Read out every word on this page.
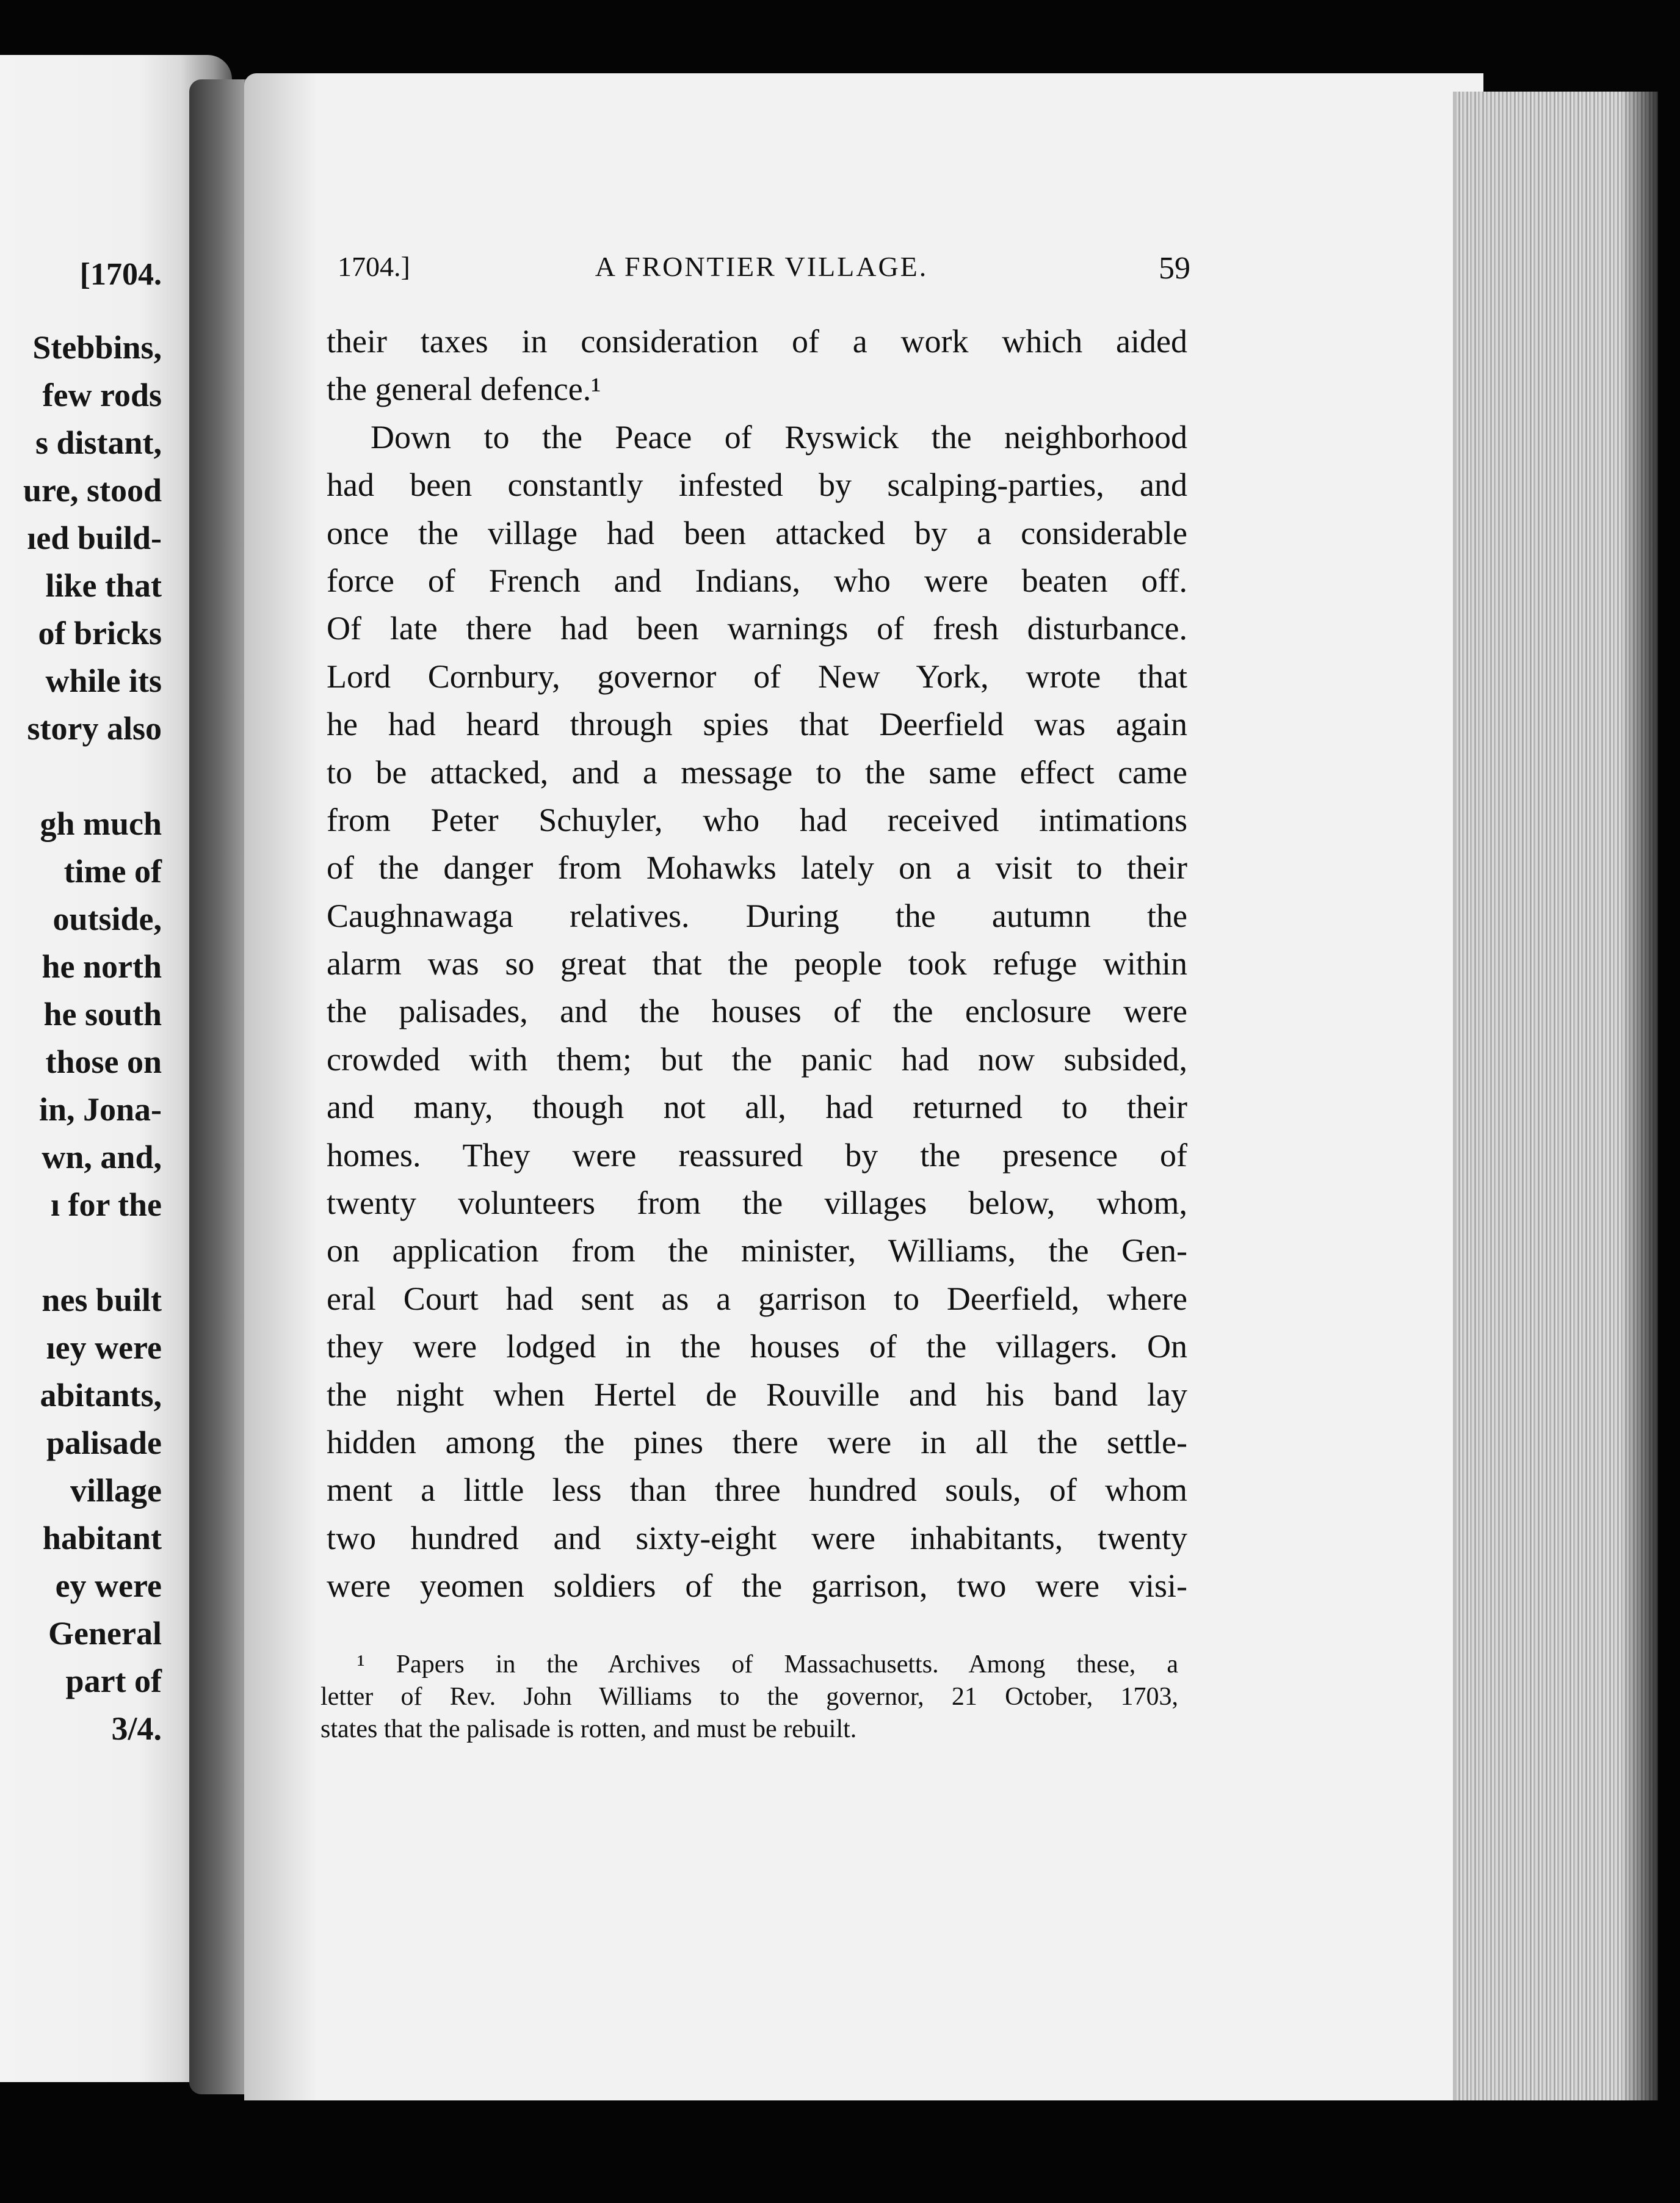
[1704.
Stebbins,
few rods
s distant,
ure, stood
ıed build-
like that
of bricks
while its
story also
gh much
time of
outside,
he north
he south
those on
in, Jona-
wn, and,
ı for the
nes built
ıey were
abitants,
palisade
village
habitant
ey were
General
part of
3/4.
1704.]	A FRONTIER VILLAGE.	59
their taxes in consideration of a work which aided
the general defence.¹
Down to the Peace of Ryswick the neighborhood
had been constantly infested by scalping-parties, and
once the village had been attacked by a considerable
force of French and Indians, who were beaten off.
Of late there had been warnings of fresh disturbance.
Lord Cornbury, governor of New York, wrote that
he had heard through spies that Deerfield was again
to be attacked, and a message to the same effect came
from Peter Schuyler, who had received intimations
of the danger from Mohawks lately on a visit to their
Caughnawaga relatives. During the autumn the
alarm was so great that the people took refuge within
the palisades, and the houses of the enclosure were
crowded with them; but the panic had now subsided,
and many, though not all, had returned to their
homes. They were reassured by the presence of
twenty volunteers from the villages below, whom,
on application from the minister, Williams, the Gen-
eral Court had sent as a garrison to Deerfield, where
they were lodged in the houses of the villagers. On
the night when Hertel de Rouville and his band lay
hidden among the pines there were in all the settle-
ment a little less than three hundred souls, of whom
two hundred and sixty-eight were inhabitants, twenty
were yeomen soldiers of the garrison, two were visi-
¹ Papers in the Archives of Massachusetts. Among these, a
letter of Rev. John Williams to the governor, 21 October, 1703,
states that the palisade is rotten, and must be rebuilt.
